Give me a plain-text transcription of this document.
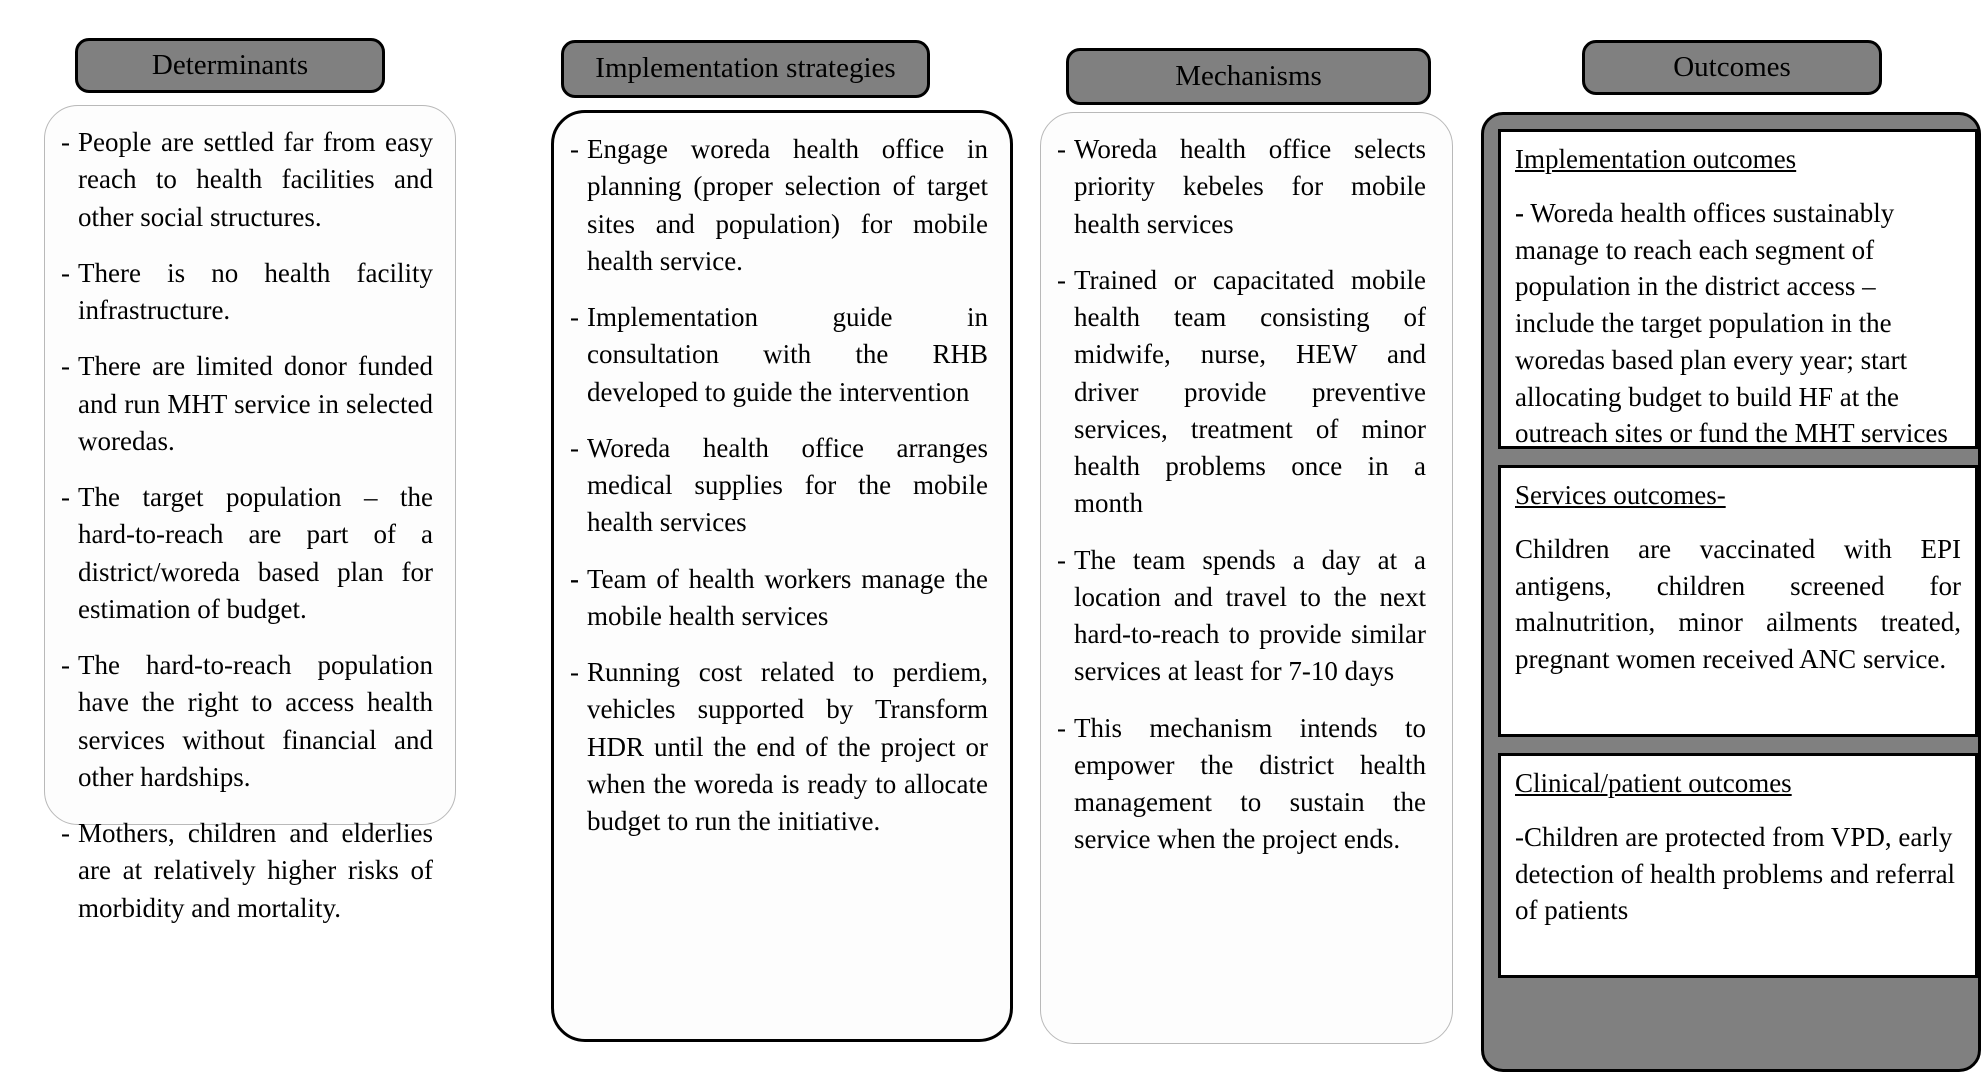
Determinants
- People are settled far from easy reach to health facilities and other social structures.
- There is no health facility infrastructure.
- There are limited donor funded and run MHT service in selected woredas.
- The target population – the hard-to-reach are part of a district/woreda based plan for estimation of budget.
- The hard-to-reach population have the right to access health services without financial and other hardships.
- Mothers, children and elderlies are at relatively higher risks of morbidity and mortality.
Implementation strategies
- Engage woreda health office in planning (proper selection of target sites and population) for mobile health service.
- Implementation guide in consultation with the RHB developed to guide the intervention
- Woreda health office arranges medical supplies for the mobile health services
- Team of health workers manage the mobile health services
- Running cost related to perdiem, vehicles supported by Transform HDR until the end of the project or when the woreda is ready to allocate budget to run the initiative.
Mechanisms
- Woreda health office selects priority kebeles for mobile health services
- Trained or capacitated mobile health team consisting of midwife, nurse, HEW and driver provide preventive services, treatment of minor health problems once in a month
- The team spends a day at a location and travel to the next hard-to-reach to provide similar services at least for 7-10 days
- This mechanism intends to empower the district health management to sustain the service when the project ends.
Outcomes
Implementation outcomes
- Woreda health offices sustainably manage to reach each segment of population in the district access – include the target population in the woredas based plan every year; start allocating budget to build HF at the outreach sites or fund the MHT services
Services outcomes-
Children are vaccinated with EPI antigens, children screened for malnutrition, minor ailments treated, pregnant women received ANC service.
Clinical/patient outcomes
-Children are protected from VPD, early detection of health problems and referral of patients
